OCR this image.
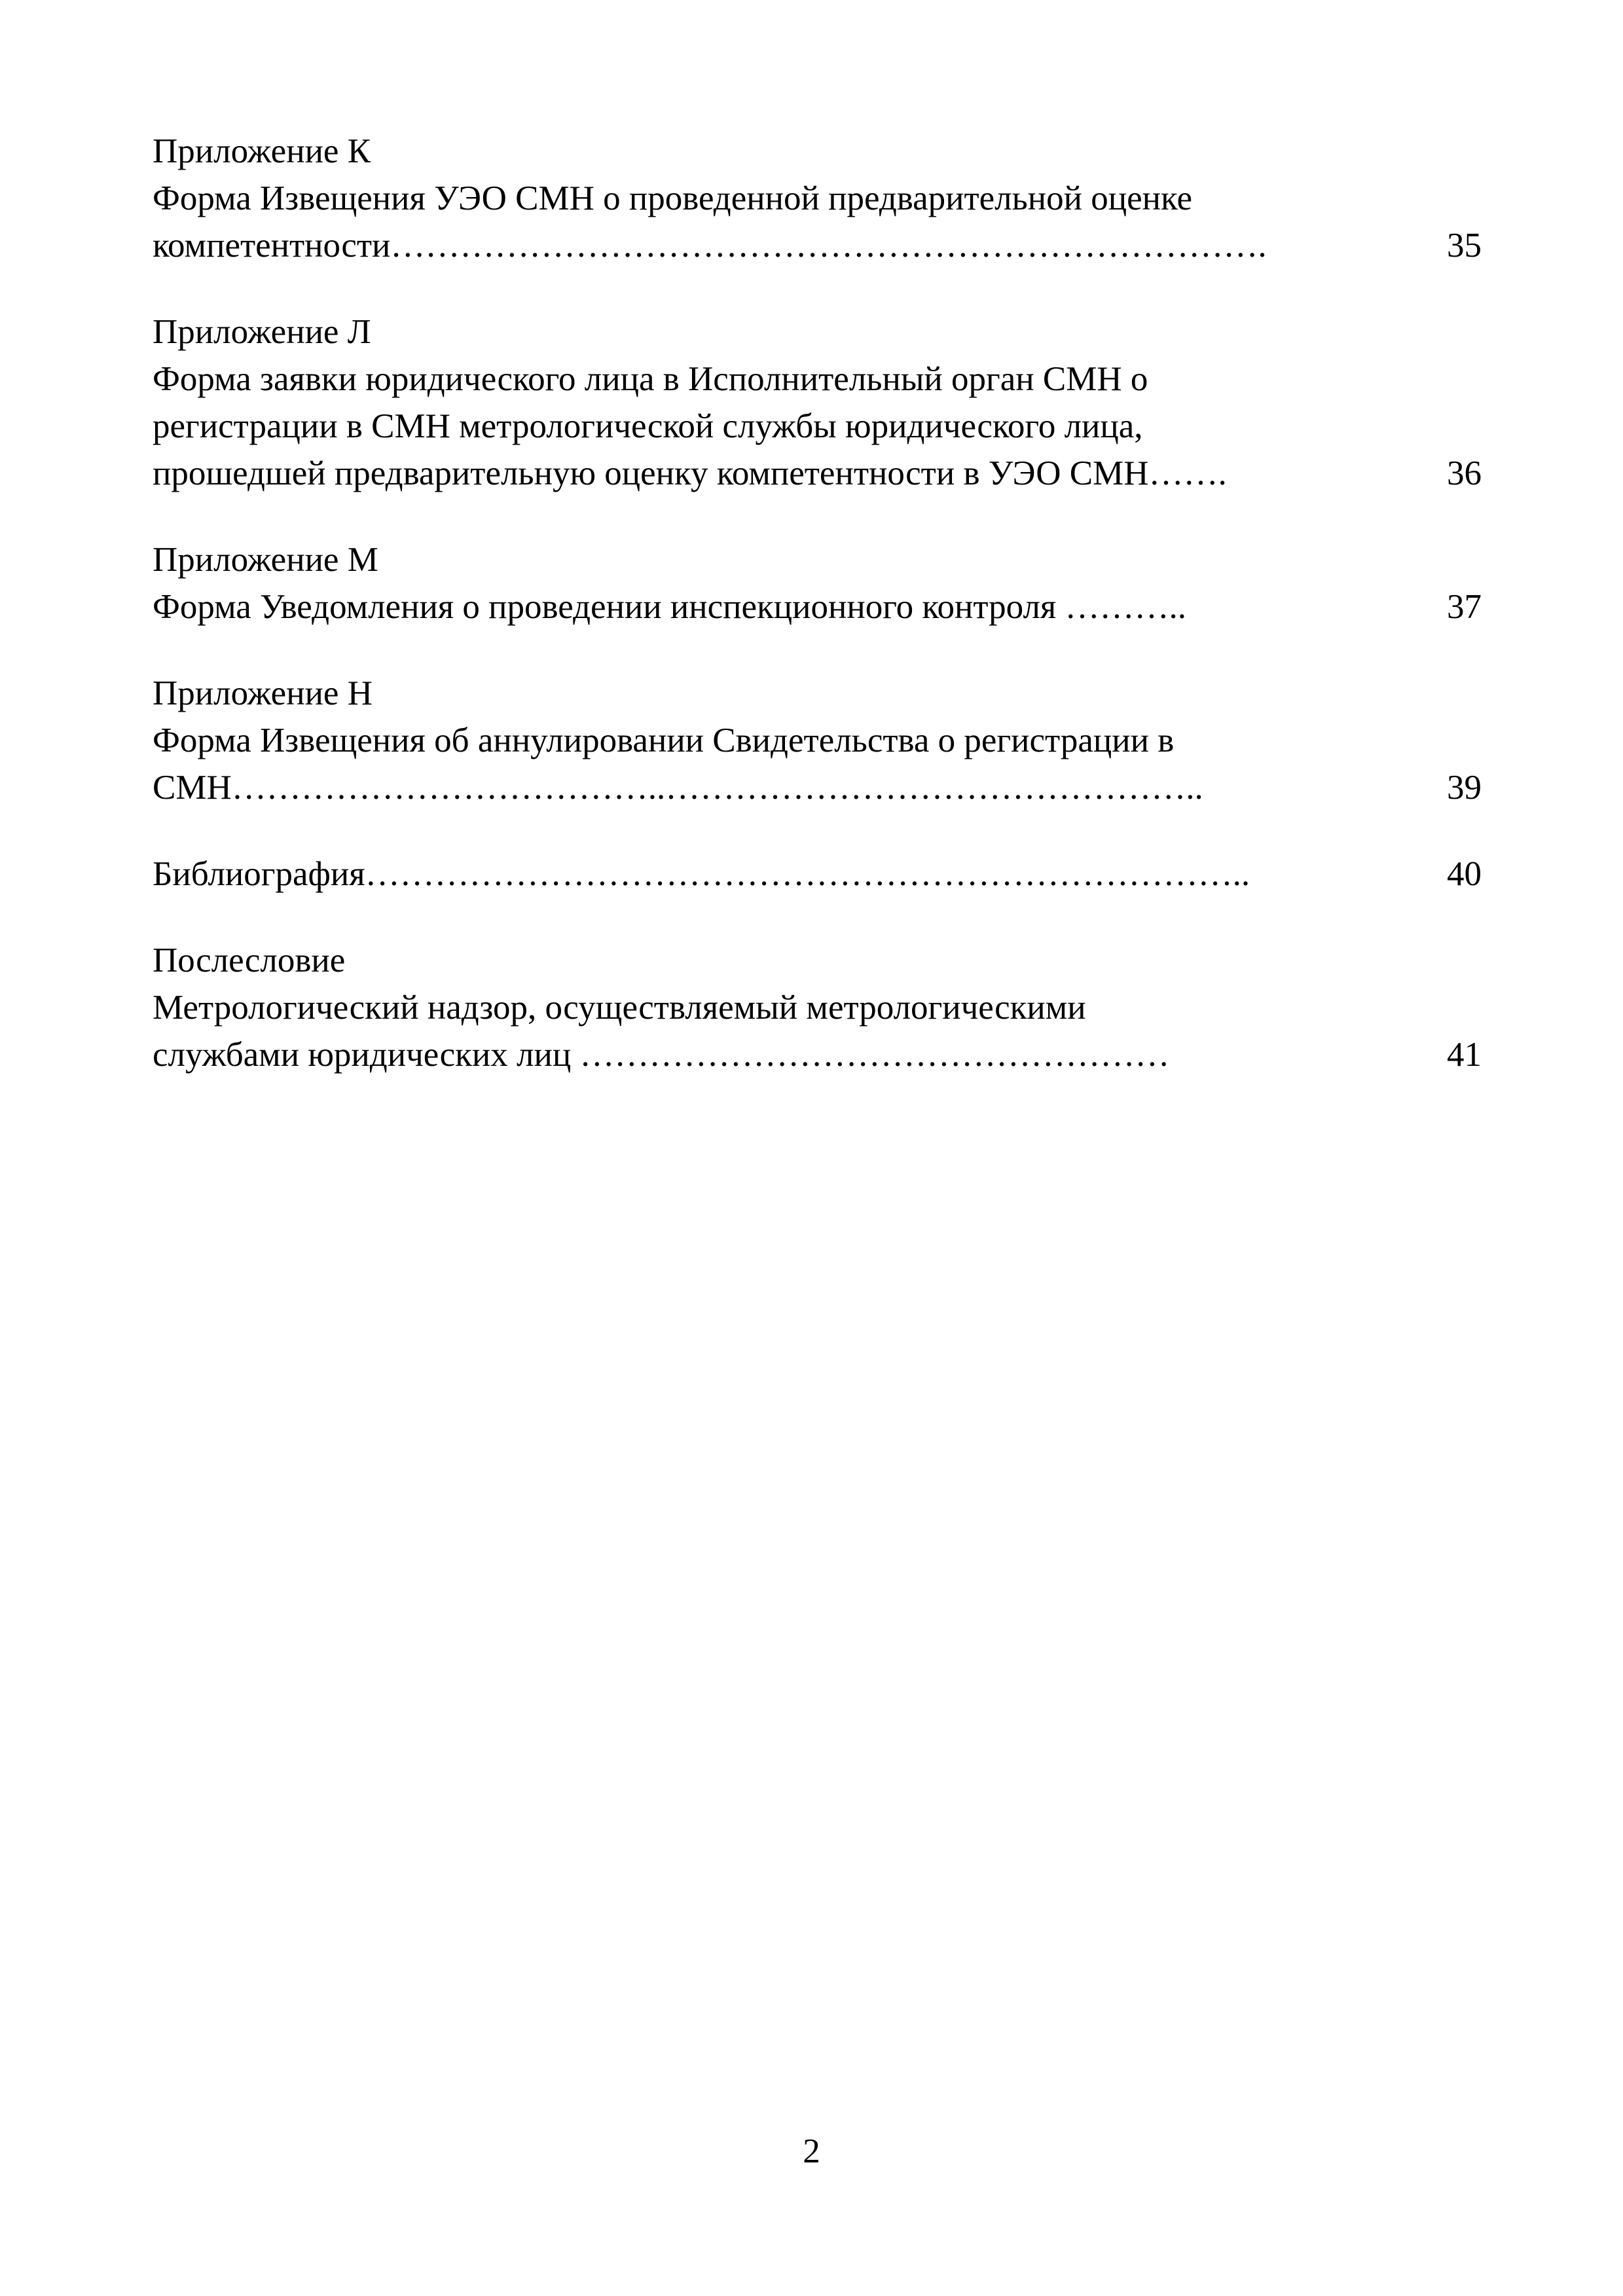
Приложение К
Форма Извещения УЭО СМН о проведенной предварительной оценке
компетентности………………………………………………………………….	35
Приложение Л
Форма заявки юридического лица в Исполнительный орган СМН о
регистрации в СМН метрологической службы юридического лица,
прошедшей предварительную оценку компетентности в УЭО СМН…….	36
Приложение М
Форма Уведомления о проведении инспекционного контроля ………..	37
Приложение Н
Форма Извещения об аннулировании Свидетельства о регистрации в
СМН………………………………..………………………………………..	39
Библиография…………………………………………………………………..	40
Послесловие
Метрологический надзор, осуществляемый метрологическими
службами юридических лиц ……………………………………………	41
2
